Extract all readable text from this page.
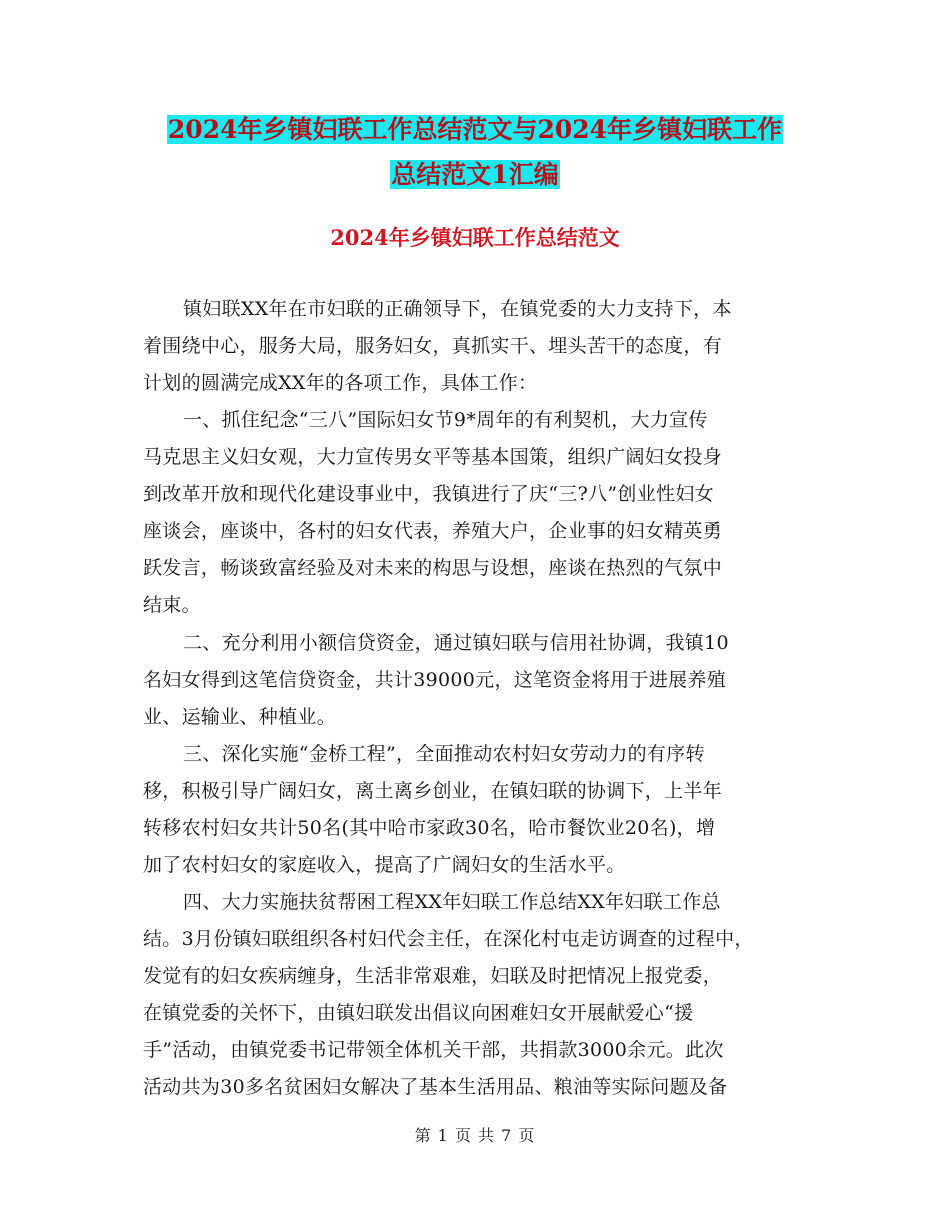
2024年乡镇妇联工作总结范文与2024年乡镇妇联工作
总结范文1汇编
2024年乡镇妇联工作总结范文
镇妇联XX年在市妇联的正确领导下，在镇党委的大力支持下，本
着围绕中心，服务大局，服务妇女，真抓实干、埋头苦干的态度，有
计划的圆满完成XX年的各项工作，具体工作：
一、抓住纪念“三八”国际妇女节9*周年的有利契机，大力宣传
马克思主义妇女观，大力宣传男女平等基本国策，组织广阔妇女投身
到改革开放和现代化建设事业中，我镇进行了庆“三?八”创业性妇女
座谈会，座谈中，各村的妇女代表，养殖大户，企业事的妇女精英勇
跃发言，畅谈致富经验及对未来的构思与设想，座谈在热烈的气氛中
结束。
二、充分利用小额信贷资金，通过镇妇联与信用社协调，我镇10
名妇女得到这笔信贷资金，共计39000元，这笔资金将用于进展养殖
业、运输业、种植业。
三、深化实施“金桥工程”，全面推动农村妇女劳动力的有序转
移，积极引导广阔妇女，离土离乡创业，在镇妇联的协调下，上半年
转移农村妇女共计50名(其中哈市家政30名，哈市餐饮业20名)，增
加了农村妇女的家庭收入，提高了广阔妇女的生活水平。
四、大力实施扶贫帮困工程XX年妇联工作总结XX年妇联工作总
结。3月份镇妇联组织各村妇代会主任，在深化村屯走访调查的过程中，
发觉有的妇女疾病缠身，生活非常艰难，妇联及时把情况上报党委，
在镇党委的关怀下，由镇妇联发出倡议向困难妇女开展献爱心“援
手”活动，由镇党委书记带领全体机关干部，共捐款3000余元。此次
活动共为30多名贫困妇女解决了基本生活用品、粮油等实际问题及备
第 1 页 共 7 页
